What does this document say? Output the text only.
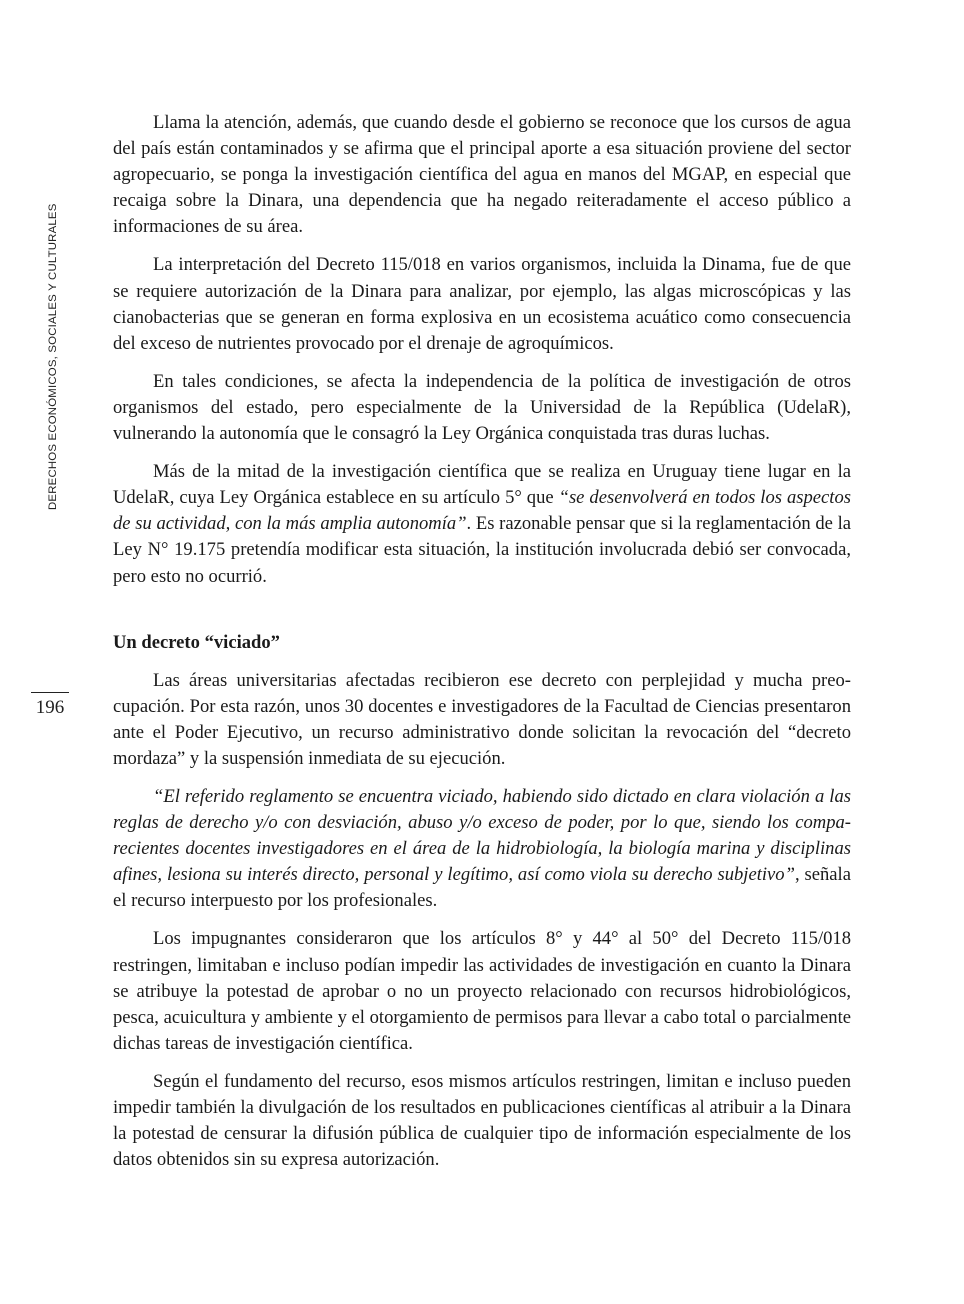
DERECHOS ECONÓMICOS, SOCIALES Y CULTURALES
196

Llama la atención, además, que cuando desde el gobierno se reconoce que los cursos de agua del país están contaminados y se afirma que el principal aporte a esa situación proviene del sector agropecuario, se ponga la investigación científica del agua en manos del MGAP, en especial que recaiga sobre la Dinara, una dependencia que ha negado reiteradamente el acceso público a informaciones de su área.

La interpretación del Decreto 115/018 en varios organismos, incluida la Dinama, fue de que se requiere autorización de la Dinara para analizar, por ejemplo, las algas microscópicas y las cianobacterias que se generan en forma explosiva en un ecosistema acuático como consecuencia del exceso de nutrientes provocado por el drenaje de agroquímicos.

En tales condiciones, se afecta la independencia de la política de investigación de otros organismos del estado, pero especialmente de la Universidad de la República (UdelaR), vulnerando la autonomía que le consagró la Ley Orgánica conquistada tras duras luchas.

Más de la mitad de la investigación científica que se realiza en Uruguay tiene lugar en la UdelaR, cuya Ley Orgánica establece en su artículo 5° que “se desenvolverá en todos los aspectos de su actividad, con la más amplia autonomía”. Es razonable pensar que si la reglamentación de la Ley N° 19.175 pretendía modificar esta situación, la institución involucrada debió ser convocada, pero esto no ocurrió.

Un decreto “viciado”

Las áreas universitarias afectadas recibieron ese decreto con perplejidad y mucha preocupación. Por esta razón, unos 30 docentes e investigadores de la Facultad de Ciencias presentaron ante el Poder Ejecutivo, un recurso administrativo donde solicitan la revocación del “decreto mordaza” y la suspensión inmediata de su ejecución.

“El referido reglamento se encuentra viciado, habiendo sido dictado en clara violación a las reglas de derecho y/o con desviación, abuso y/o exceso de poder, por lo que, siendo los comparecientes docentes investigadores en el área de la hidrobiología, la biología marina y disciplinas afines, lesiona su interés directo, personal y legítimo, así como viola su derecho subjetivo”, señala el recurso interpuesto por los profesionales.

Los impugnantes consideraron que los artículos 8° y 44° al 50° del Decreto 115/018 restringen, limitaban e incluso podían impedir las actividades de investigación en cuanto la Dinara se atribuye la potestad de aprobar o no un proyecto relacionado con recursos hidrobiológicos, pesca, acuicultura y ambiente y el otorgamiento de permisos para llevar a cabo total o parcialmente dichas tareas de investigación científica.

Según el fundamento del recurso, esos mismos artículos restringen, limitan e incluso pueden impedir también la divulgación de los resultados en publicaciones científicas al atribuir a la Dinara la potestad de censurar la difusión pública de cualquier tipo de información especialmente de los datos obtenidos sin su expresa autorización.
